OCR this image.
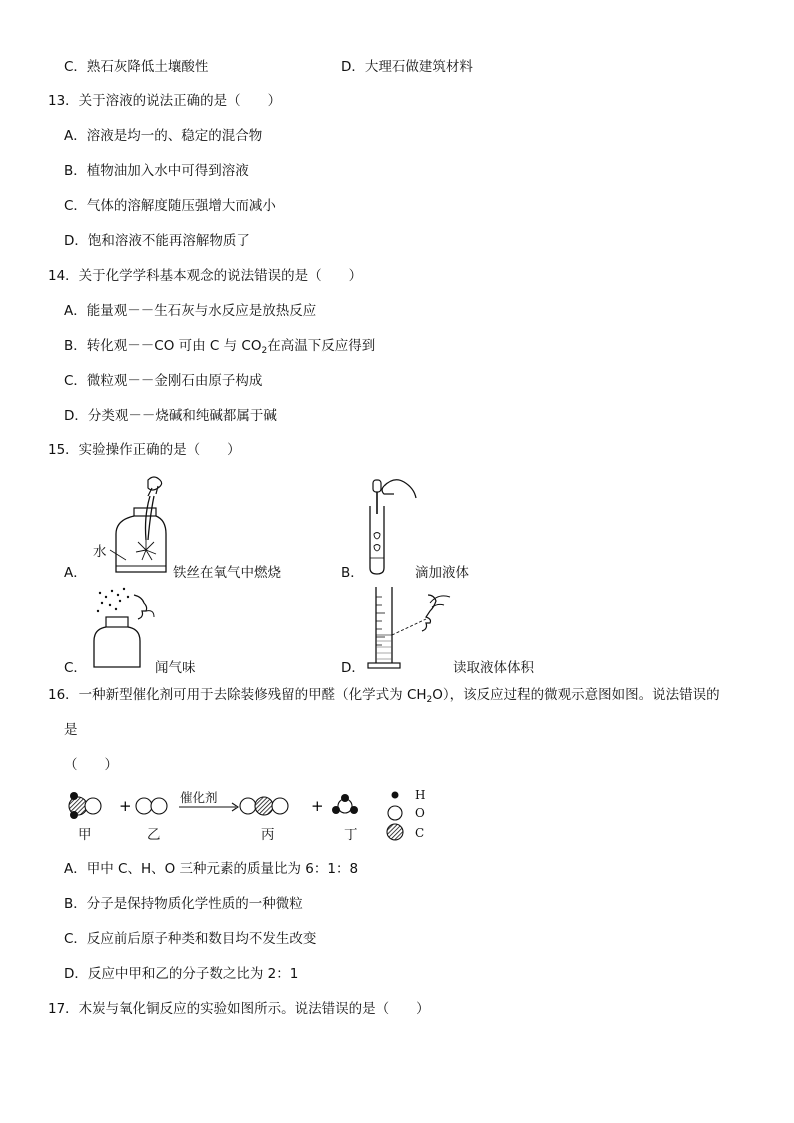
C．熟石灰降低土壤酸性	D．大理石做建筑材料
13．关于溶液的说法正确的是（　　）
A．溶液是均一的、稳定的混合物
B．植物油加入水中可得到溶液
C．气体的溶解度随压强增大而减小
D．饱和溶液不能再溶解物质了
14．关于化学学科基本观念的说法错误的是（　　）
A．能量观－－生石灰与水反应是放热反应
B．转化观－－CO 可由 C 与 $CO_2$在高温下反应得到
C．微粒观－－金刚石由原子构成
D．分类观－－烧碱和纯碱都属于碱
15．实验操作正确的是（　　）
A．
水
铁丝在氧气中燃烧	B．	滴加液体
C．	闻气味	D．	读取液体体积
16．一种新型催化剂可用于去除装修残留的甲醛（化学式为 $CH_2O$），该反应过程的微观示意图如图。说法错误的
是
（　　）
+	+
催化剂
甲	乙	丙	丁
H
O
C
A．甲中 C、H、O 三种元素的质量比为 6：1：8
B．分子是保持物质化学性质的一种微粒
C．反应前后原子种类和数目均不发生改变
D．反应中甲和乙的分子数之比为 2：1
17．木炭与氧化铜反应的实验如图所示。说法错误的是（　　）
